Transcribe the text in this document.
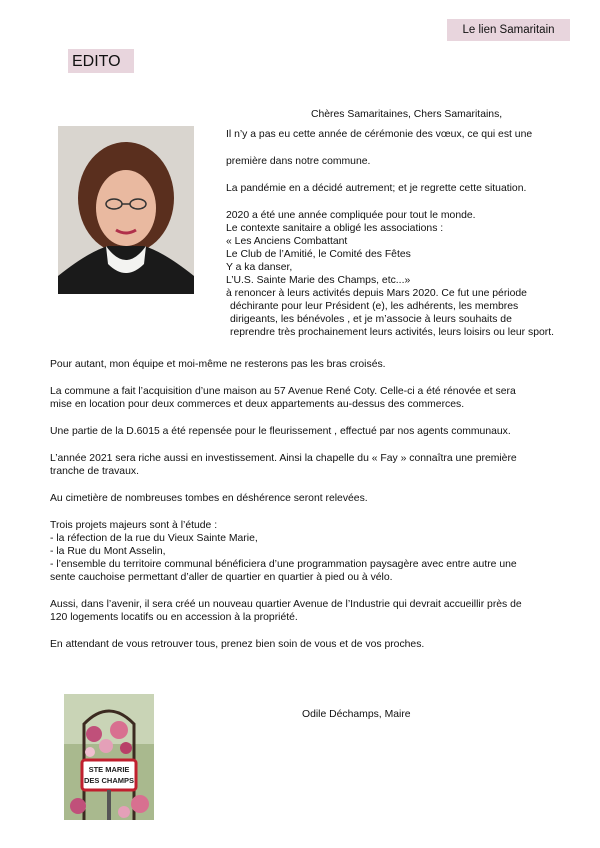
Le lien Samaritain
EDITO
Chères Samaritaines, Chers Samaritains,

Il n’y a pas eu cette année de cérémonie des vœux, ce qui est une

première dans notre commune.

La pandémie en a décidé autrement; et je regrette cette situation.

2020 a été une année compliquée pour tout le monde.

Le contexte sanitaire a obligé les associations :

« Les Anciens Combattant

Le Club de l’Amitié, le Comité des Fêtes

Y a ka danser,

L’U.S. Sainte Marie des Champs, etc...»

à renoncer à leurs activités depuis Mars 2020. Ce fut une période

déchirante pour leur Président (e), les adhérents, les membres

dirigeants, les bénévoles , et je m’associe à leurs souhaits de

reprendre très prochainement leurs activités, leurs loisirs ou leur sport.

Pour autant, mon équipe et moi-même ne resterons pas les bras croisés.

La commune a fait l’acquisition d’une maison au 57 Avenue René Coty. Celle-ci a été rénovée et sera

mise en location pour deux commerces et deux appartements au-dessus des commerces.

Une partie de la D.6015 a été repensée pour le fleurissement , effectué par nos agents communaux.

L’année 2021 sera riche aussi en investissement. Ainsi la chapelle du « Fay » connaîtra une première

tranche de travaux.

Au cimetière de nombreuses tombes en déshérence seront relevées.

Trois projets majeurs sont à l’étude :

- la réfection de la rue du Vieux Sainte Marie,

- la Rue du Mont Asselin,

- l’ensemble du territoire communal bénéficiera d’une programmation paysagère avec entre autre une

sente cauchoise permettant d’aller de quartier en quartier à pied ou à vélo.

Aussi, dans l’avenir, il sera créé un nouveau quartier Avenue de l’Industrie qui devrait accueillir près de

120 logements locatifs ou en accession à la propriété.

En attendant de vous retrouver tous, prenez bien soin de vous et de vos proches.

STE MARIE
DES CHAMPS
Odile Déchamps, Maire
